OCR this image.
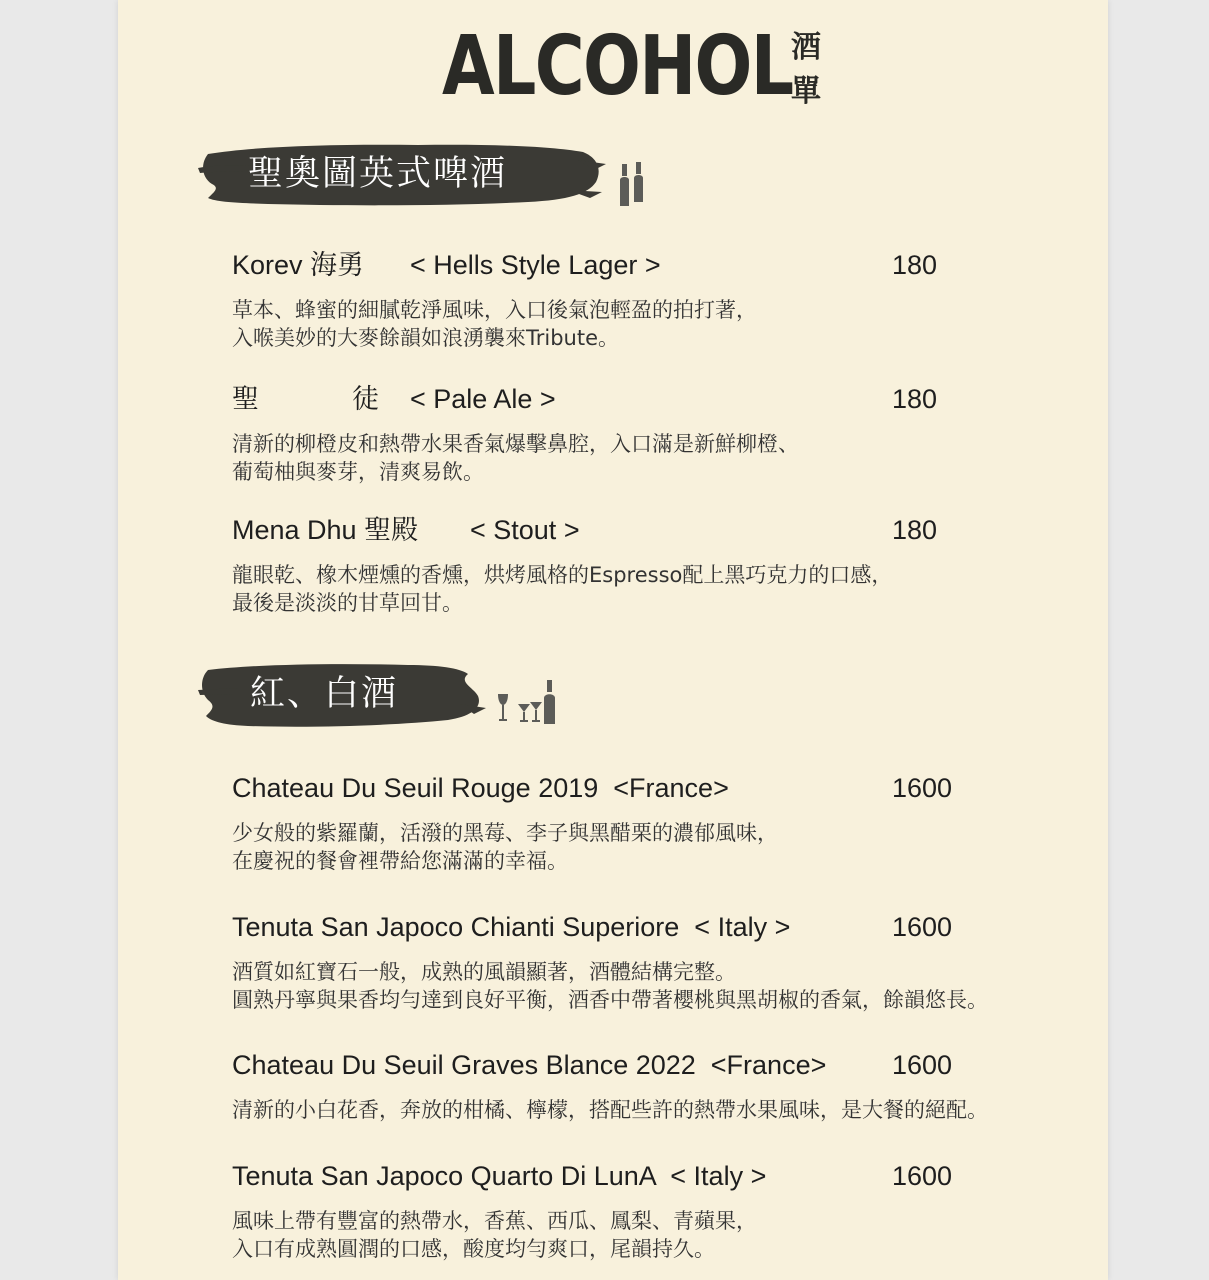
ALCOHOL
酒單
聖奧圖英式啤酒
Korev 海勇 < Hells Style Lager >	180
草本、蜂蜜的細膩乾淨風味，入口後氣泡輕盈的拍打著，
入喉美妙的大麥餘韻如浪湧襲來Tribute。
聖	徒 < Pale Ale >	180
清新的柳橙皮和熱帶水果香氣爆擊鼻腔，入口滿是新鮮柳橙、
葡萄柚與麥芽，清爽易飲。
Mena Dhu 聖殿 < Stout >	180
龍眼乾、橡木煙燻的香燻，烘烤風格的Espresso配上黑巧克力的口感，
最後是淡淡的甘草回甘。
紅、白酒
Chateau Du Seuil Rouge 2019  <France>	1600
少女般的紫羅蘭，活潑的黑莓、李子與黑醋栗的濃郁風味，
在慶祝的餐會裡帶給您滿滿的幸福。
Tenuta San Japoco Chianti Superiore  < Italy >	1600
酒質如紅寶石一般，成熟的風韻顯著，酒體結構完整。
圓熟丹寧與果香均勻達到良好平衡，酒香中帶著櫻桃與黑胡椒的香氣，餘韻悠長。
Chateau Du Seuil Graves Blance 2022  <France> 1600
清新的小白花香，奔放的柑橘、檸檬，搭配些許的熱帶水果風味，是大餐的絕配。
Tenuta San Japoco Quarto Di LunA  < Italy >	1600
風味上帶有豐富的熱帶水，香蕉、西瓜、鳳梨、青蘋果，
入口有成熟圓潤的口感，酸度均勻爽口，尾韻持久。
